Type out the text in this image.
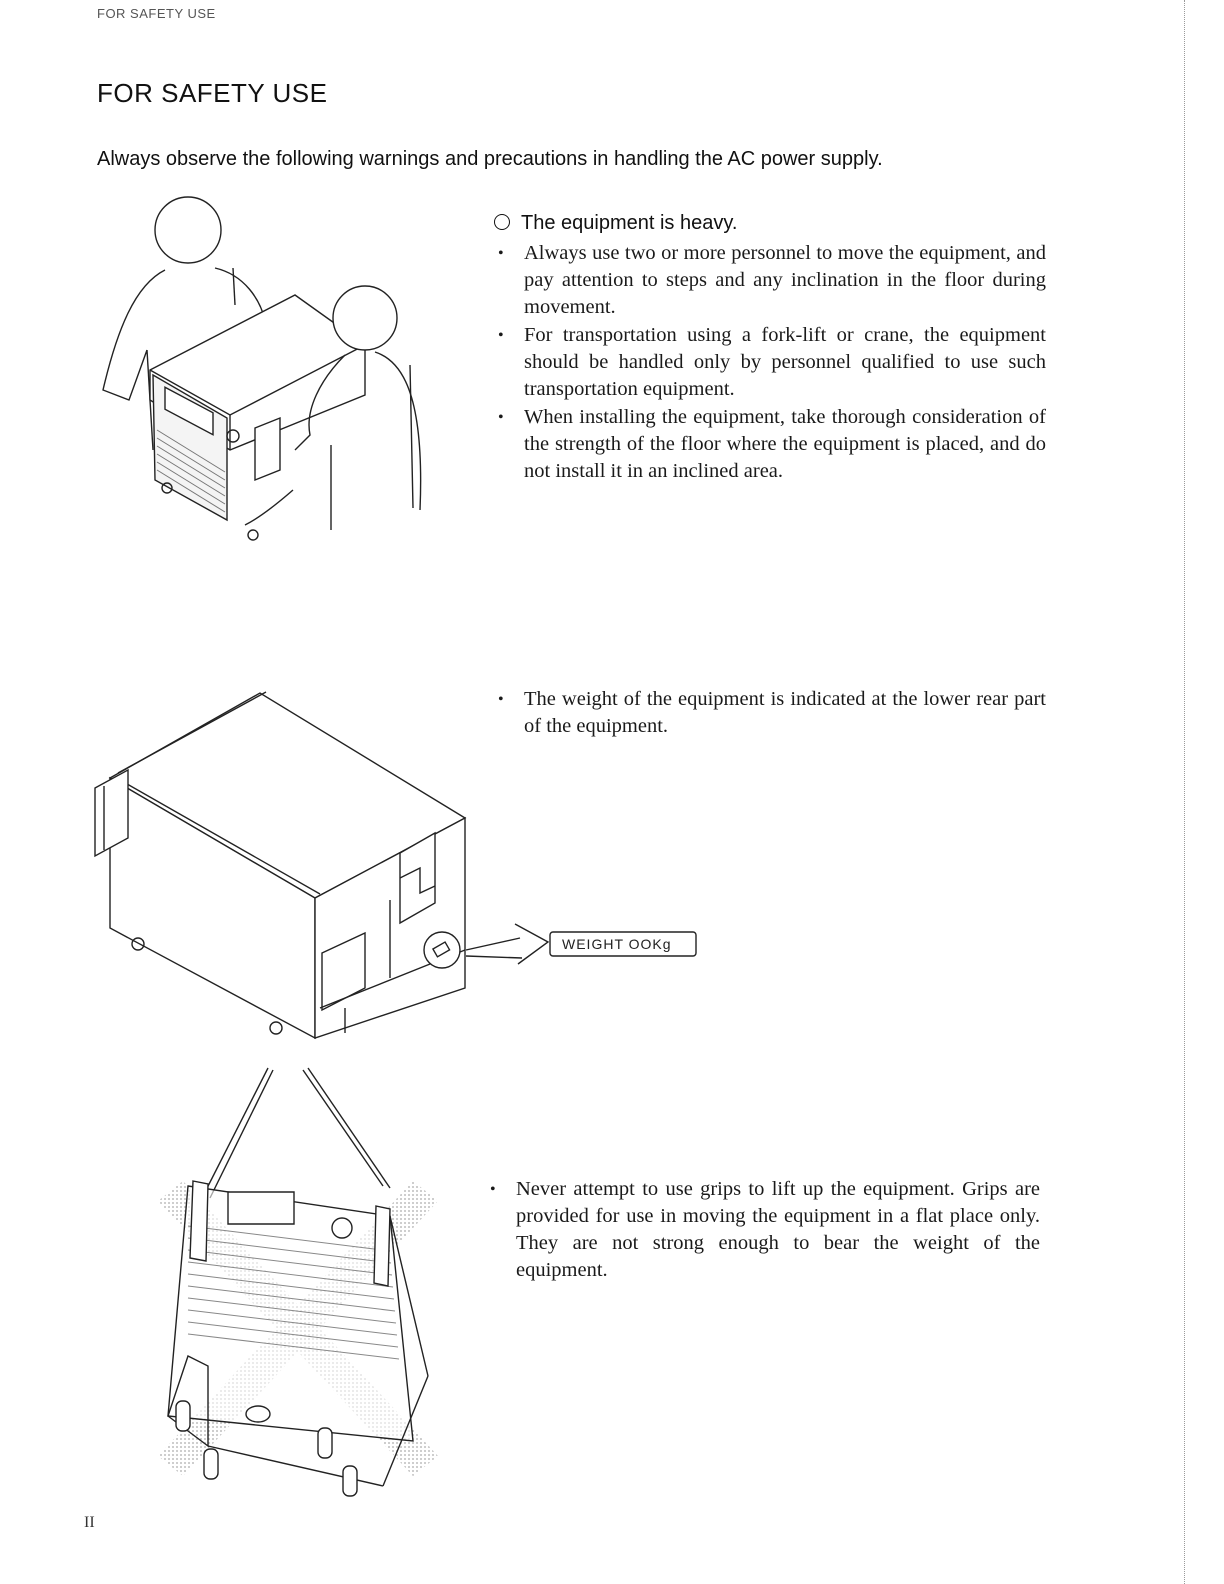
FOR SAFETY USE
FOR SAFETY USE
Always observe the following warnings and precautions in handling the AC power supply.
The equipment is heavy.
• Always use two or more personnel to move the equipment, and pay attention to steps and any inclination in the floor during movement.
• For transportation using a fork-lift or crane, the equipment should be handled only by personnel qualified to use such transportation equipment.
• When installing the equipment, take thorough consideration of the strength of the floor where the equipment is placed, and do not install it in an inclined area.
WEIGHT OOKg
• The weight of the equipment is indicated at the lower rear part of the equipment.
• Never attempt to use grips to lift up the equipment. Grips are provided for use in moving the equipment in a flat place only. They are not strong enough to bear the weight of the equipment.
II
